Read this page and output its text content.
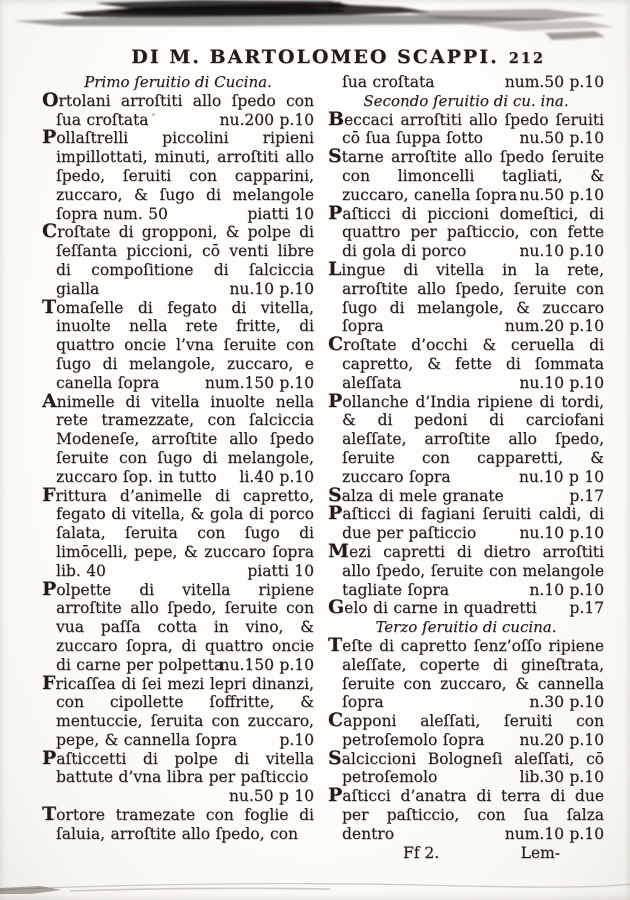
DI M. BARTOLOMEO SCAPPI. 212
Primo ſeruitio di Cucina.

Ortolani arroſtiti allo ſpedo con ſua croſtata	nu.200 p.10

Pollaſtrelli piccolini ripieni impillottati, minuti, arroſtiti allo ſpedo, ſeruiti con capparini, zuccaro, & ſugo di melangole ſopra num. 50	piatti 10

Croſtate di gropponi, & polpe di ſeſſanta piccioni, cō venti libre di compoſitione di ſalciccia gialla	nu.10 p.10

Tomaſelle di fegato di vitella, inuolte nella rete fritte, di quattro oncie l’vna ſeruite con ſugo di melangole, zuccaro, e canella ſopra	num.150 p.10

Animelle di vitella inuolte nella rete tramezzate, con ſalciccia Modeneſe, arroſtite allo ſpedo ſeruite con ſugo di melangole, zuccaro ſop. in tutto li.40 p.10

Frittura d’animelle di capretto, fegato di vitella, & gola di porco ſalata, ſeruita con ſugo di limōcelli, pepe, & zuccaro ſopra lib. 40	piatti 10

Polpette di vitella ripiene arroſtite allo ſpedo, ſeruite con vua paſſa cotta in vino, & zuccaro ſopra, di quattro oncie di carne per polpetta
nu.150 p.10

Fricaſſea di ſei mezi lepri dinanzi, con cipollette ſoffritte, & mentuccie, ſeruita con zuccaro, pepe, & cannella ſopra	p.10

Paſticcetti di polpe di vitella battute d’vna libra per paſticcio
nu.50 p 10

Tortore tramezate con foglie di ſaluia, arroſtite allo ſpedo, con

ſua croſtata	num.50 p.10

Secondo ſeruitio di cu. ina.

Beccaci arroſtiti allo ſpedo ſeruiti cō ſua ſuppa ſotto nu.50 p.10

Starne arroſtite allo ſpedo ſeruite con limoncelli tagliati, & zuccaro, canella ſopra nu.50 p.10

Paſticci di piccioni domeſtici, di quattro per paſticcio, con fette di gola di porco	nu.10 p.10

Lingue di vitella in la rete, arroſtite allo ſpedo, ſeruite con ſugo di melangole, & zuccaro ſopra	num.20 p.10

Croſtate d’occhi & ceruella di capretto, & fette di ſommata aleſſata	nu.10 p.10

Pollanche d’India ripiene di tordi, & di pedoni di carciofani aleſſate, arroſtite allo ſpedo, ſeruite con capparetti, & zuccaro ſopra	nu.10 p 10

Salza di mele granate	p.17

Paſticci di fagiani ſeruiti caldi, di due per paſticcio	nu.10 p.10

Mezi capretti di dietro arroſtiti allo ſpedo, ſeruite con melangole tagliate ſopra	n.10 p.10

Gelo di carne in quadretti p.17

Terzo ſeruitio di cucina.

Teſte di capretto ſenz’oſſo ripiene aleſſate, coperte di gineſtrata, ſeruite con zuccaro, & cannella ſopra	n.30 p.10

Capponi aleſſati, ſeruiti con petroſemolo ſopra nu.20 p.10

Salciccioni Bologneſi aleſſati, cō petroſemolo	lib.30 p.10

Paſticci d’anatra di terra di due per paſticcio, con ſua ſalza dentro	num.10 p.10

Ff 2.	Lem-
